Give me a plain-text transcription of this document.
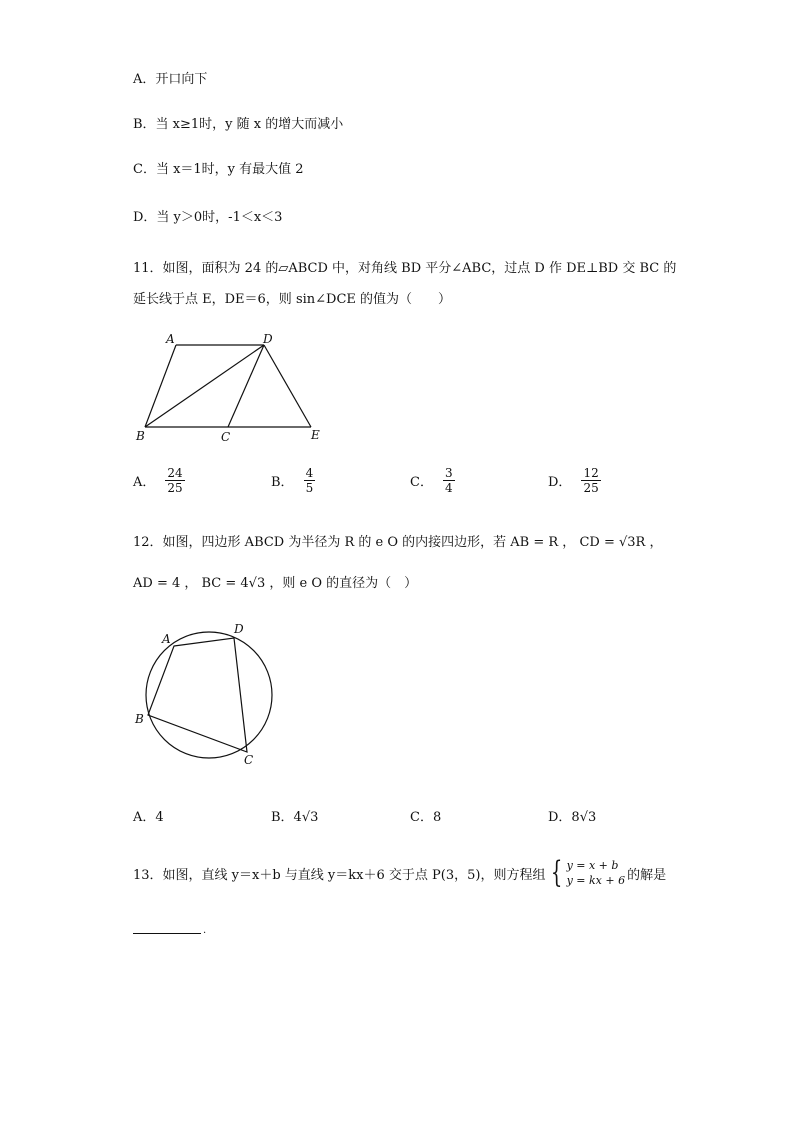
A．开口向下
B．当 x≥1时，y 随 x 的增大而减小
C．当 x＝1时，y 有最大值 2
D．当 y＞0时，-1＜x＜3
11．如图，面积为 24 的▱ABCD 中，对角线 BD 平分∠ABC，过点 D 作 DE⊥BD 交 BC 的
延长线于点 E，DE＝6，则 sin∠DCE 的值为（　　）
A	D
B	C	E
A． $\frac{24}{25}$	B． $\frac{4}{5}$	C． $\frac{3}{4}$	D． $\frac{12}{25}$
12．如图，四边形 ABCD 为半径为 R 的 e O 的内接四边形，若 AB = R ， CD = √3R ，
AD = 4 ， BC = 4√3 ，则 e O 的直径为（　）
A
D
B
C
A．4	B．4√3	C．8	D．8√3
13．如图，直线 y＝x＋b 与直线 y＝kx＋6 交于点 P(3，5)，则方程组 { y = x + b
y = kx + 6 的解是
.
